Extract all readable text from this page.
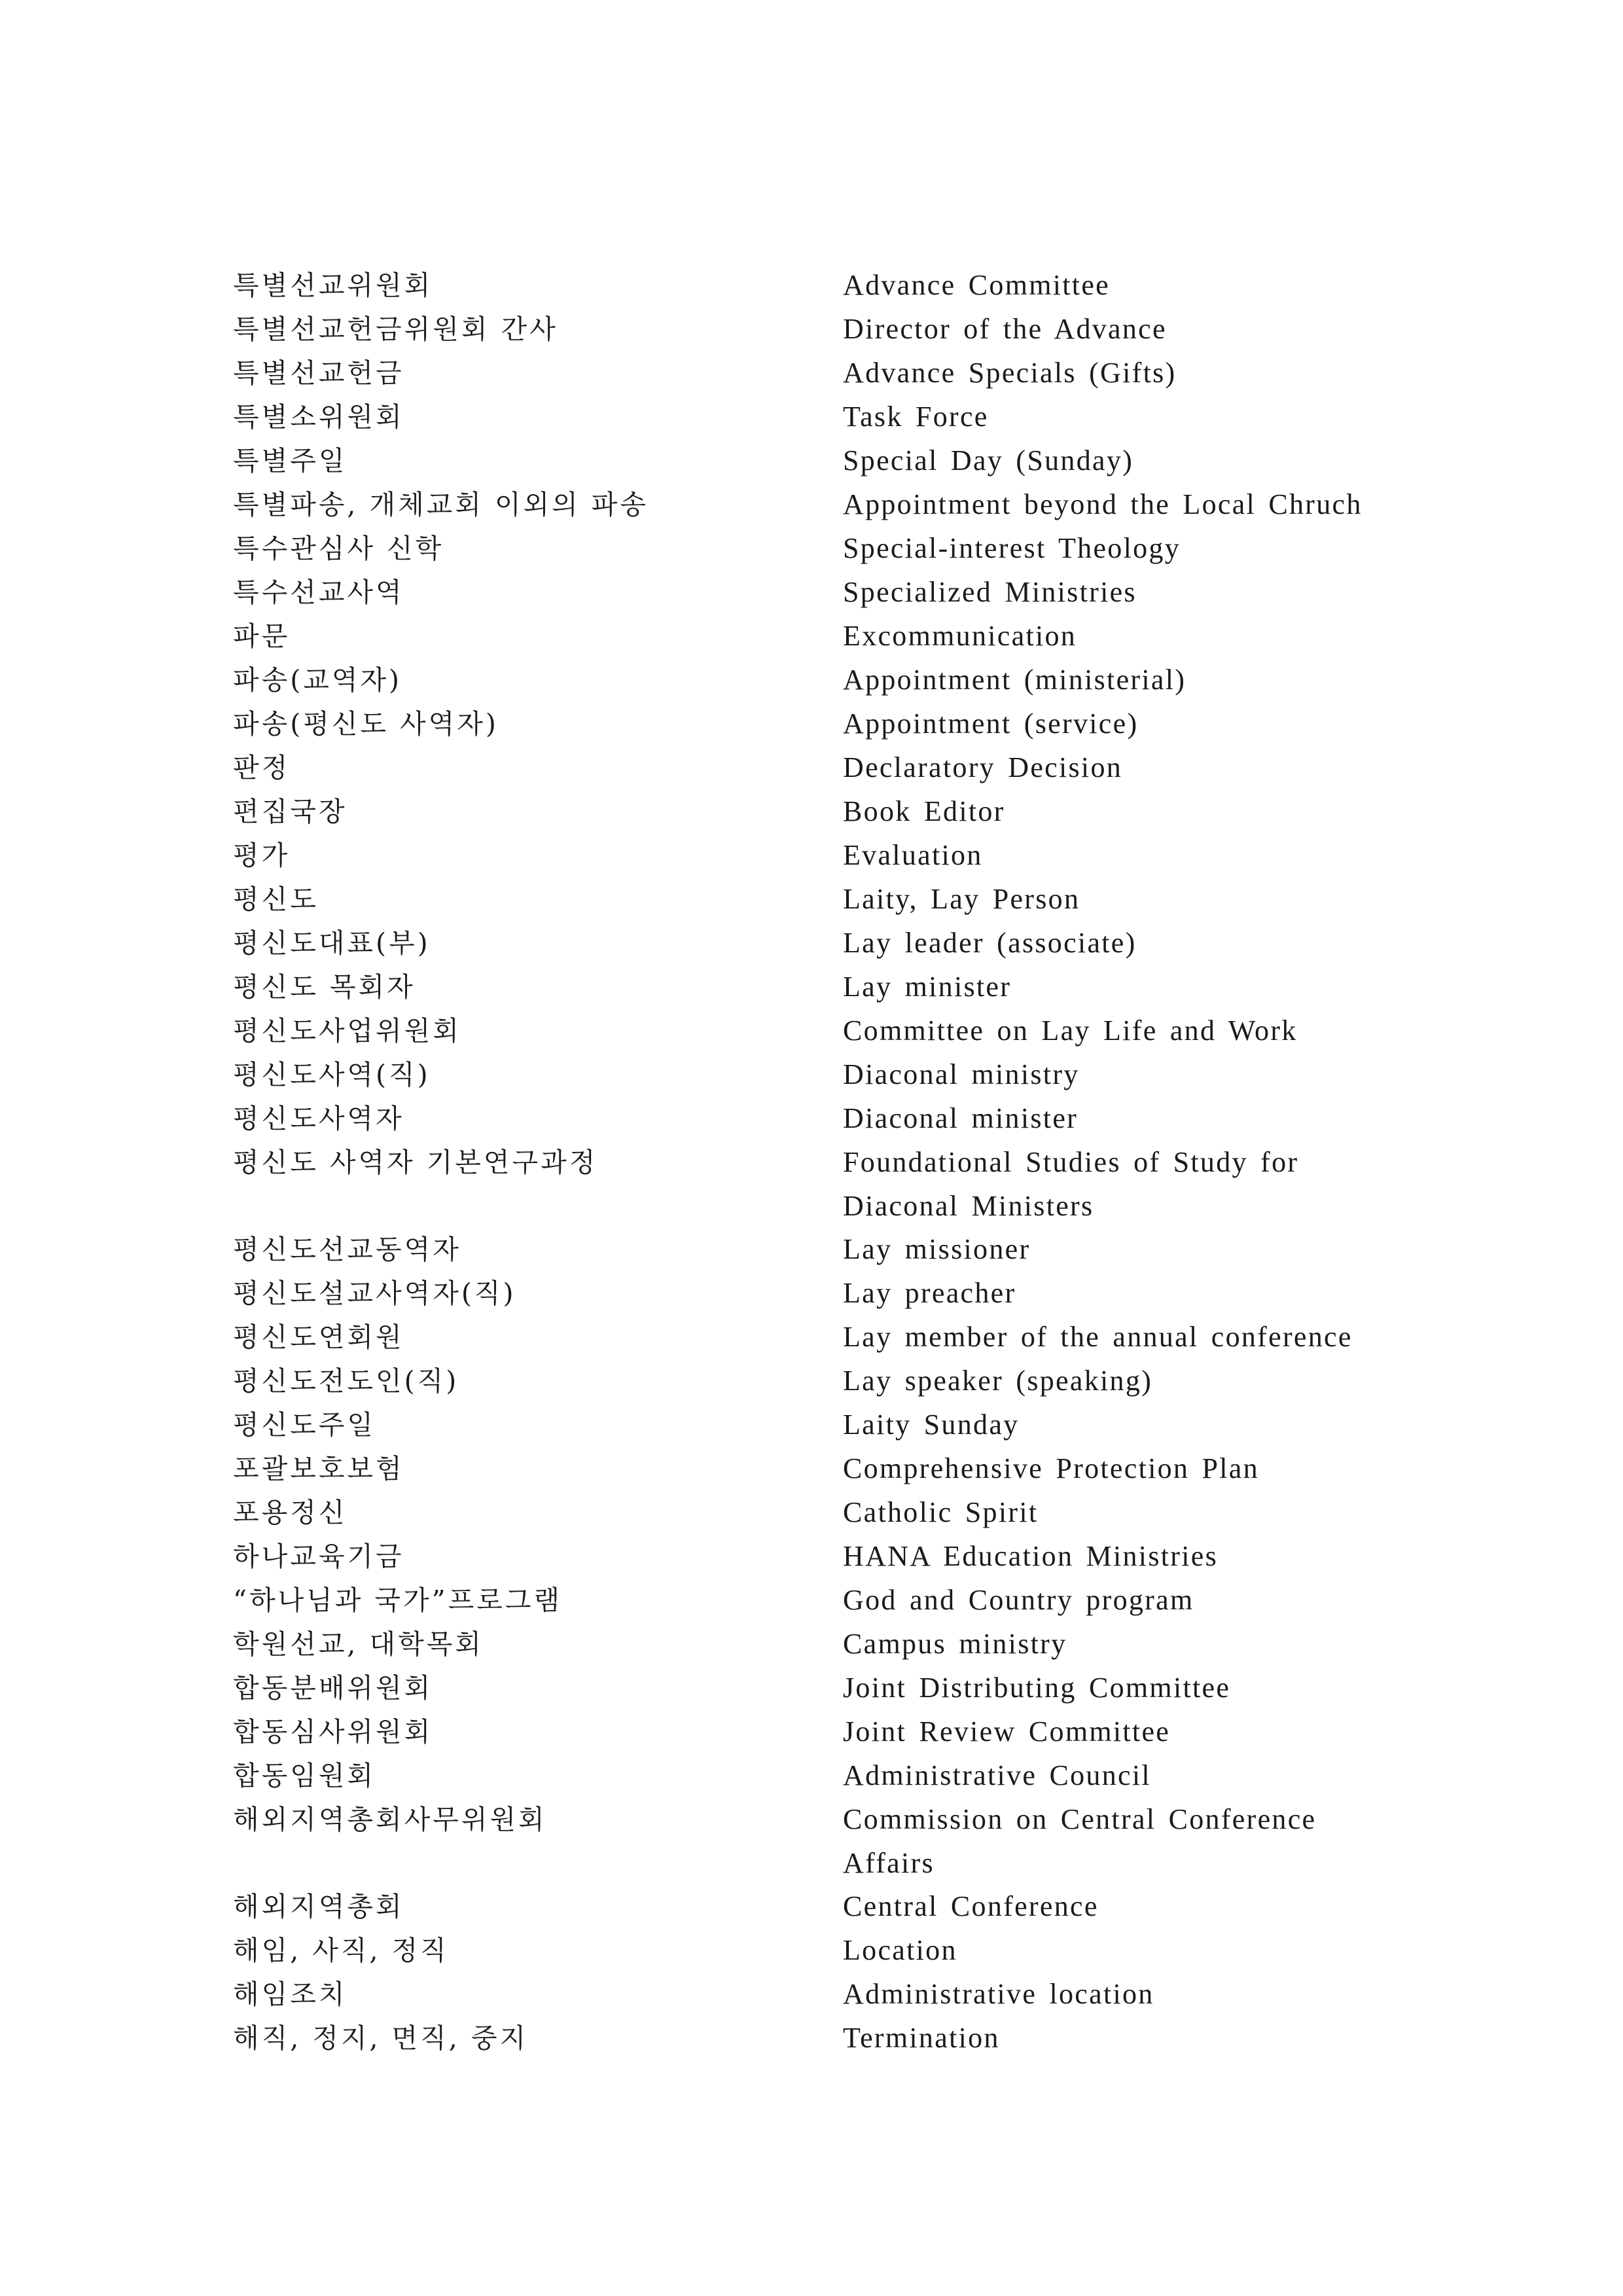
특별선교위원회	Advance Committee
특별선교헌금위원회 간사	Director of the Advance
특별선교헌금	Advance Specials (Gifts)
특별소위원회	Task Force
특별주일	Special Day (Sunday)
특별파송, 개체교회 이외의 파송	Appointment beyond the Local Chruch
특수관심사 신학	Special-interest Theology
특수선교사역	Specialized Ministries
파문	Excommunication
파송(교역자)	Appointment (ministerial)
파송(평신도 사역자)	Appointment (service)
판정	Declaratory Decision
편집국장	Book Editor
평가	Evaluation
평신도	Laity, Lay Person
평신도대표(부)	Lay leader (associate)
평신도 목회자	Lay minister
평신도사업위원회	Committee on Lay Life and Work
평신도사역(직)	Diaconal ministry
평신도사역자	Diaconal minister
평신도 사역자 기본연구과정	Foundational Studies of Study for Diaconal Ministers
평신도선교동역자	Lay missioner
평신도설교사역자(직)	Lay preacher
평신도연회원	Lay member of the annual conference
평신도전도인(직)	Lay speaker (speaking)
평신도주일	Laity Sunday
포괄보호보험	Comprehensive Protection Plan
포용정신	Catholic Spirit
하나교육기금	HANA Education Ministries
“하나님과 국가”프로그램	God and Country program
학원선교, 대학목회	Campus ministry
합동분배위원회	Joint Distributing Committee
합동심사위원회	Joint Review Committee
합동임원회	Administrative Council
해외지역총회사무위원회	Commission on Central Conference Affairs
해외지역총회	Central Conference
해임, 사직, 정직	Location
해임조치	Administrative location
해직, 정지, 면직, 중지	Termination
